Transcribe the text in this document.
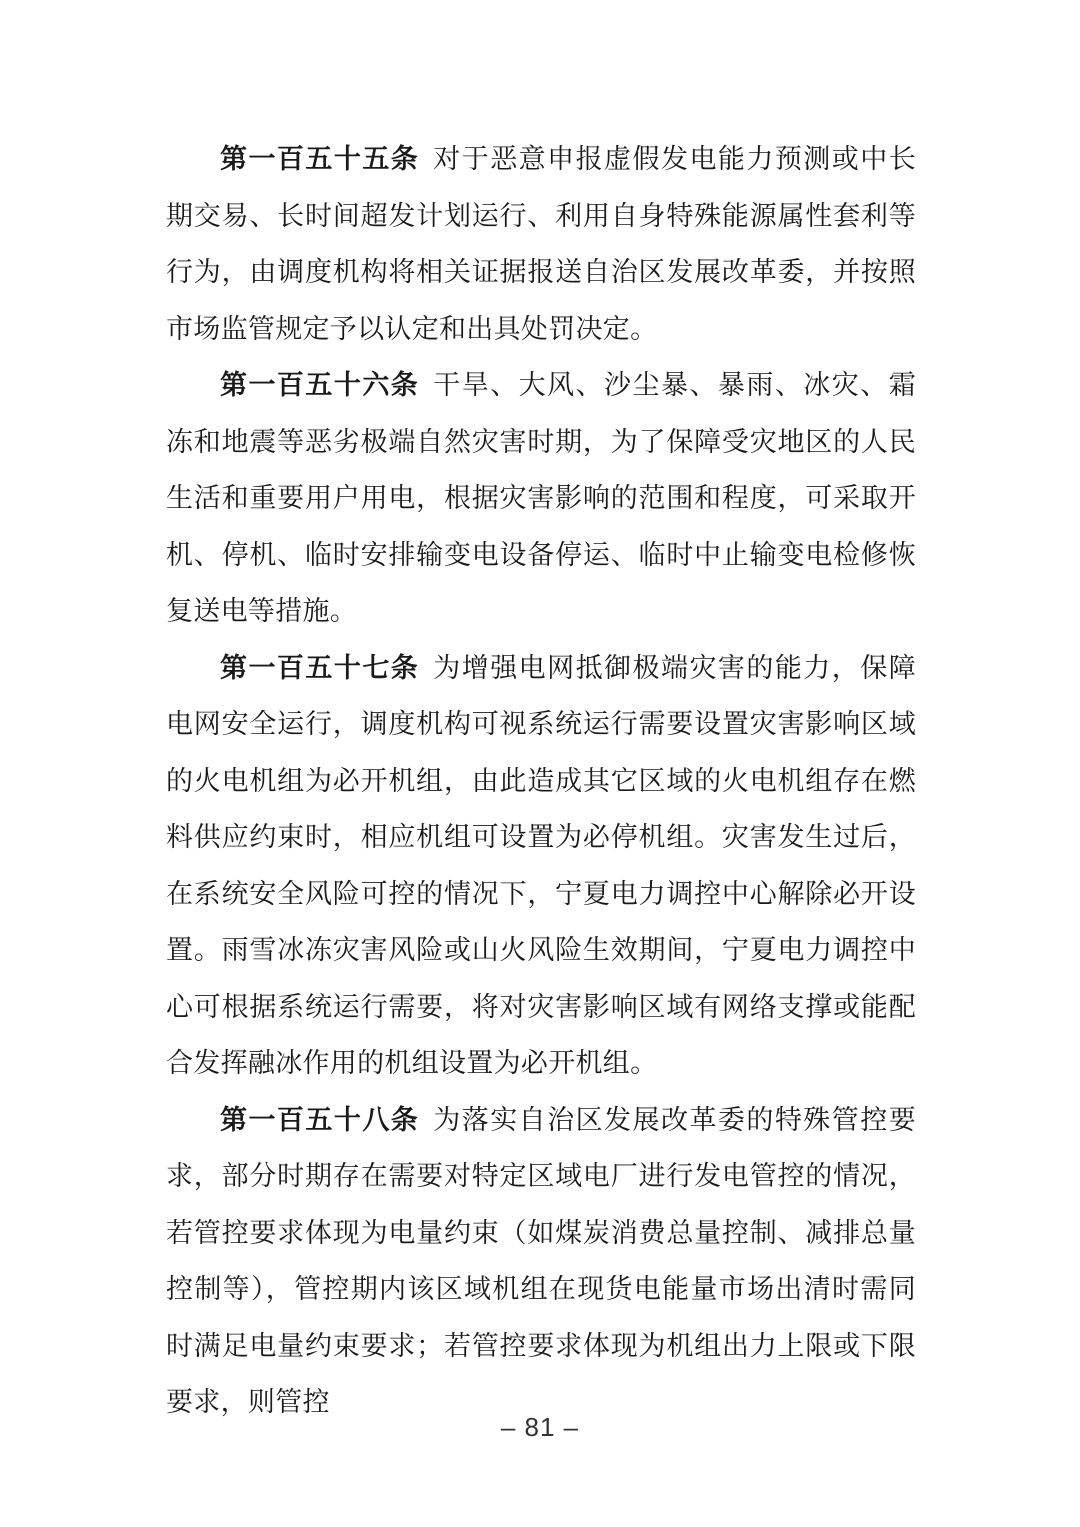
第一百五十五条 对于恶意申报虚假发电能力预测或中长期交易、长时间超发计划运行、利用自身特殊能源属性套利等行为，由调度机构将相关证据报送自治区发展改革委，并按照市场监管规定予以认定和出具处罚决定。

第一百五十六条 干旱、大风、沙尘暴、暴雨、冰灾、霜冻和地震等恶劣极端自然灾害时期，为了保障受灾地区的人民生活和重要用户用电，根据灾害影响的范围和程度，可采取开机、停机、临时安排输变电设备停运、临时中止输变电检修恢复送电等措施。

第一百五十七条 为增强电网抵御极端灾害的能力，保障电网安全运行，调度机构可视系统运行需要设置灾害影响区域的火电机组为必开机组，由此造成其它区域的火电机组存在燃料供应约束时，相应机组可设置为必停机组。灾害发生过后，在系统安全风险可控的情况下，宁夏电力调控中心解除必开设置。雨雪冰冻灾害风险或山火风险生效期间，宁夏电力调控中心可根据系统运行需要，将对灾害影响区域有网络支撑或能配合发挥融冰作用的机组设置为必开机组。

第一百五十八条 为落实自治区发展改革委的特殊管控要求，部分时期存在需要对特定区域电厂进行发电管控的情况，若管控要求体现为电量约束（如煤炭消费总量控制、减排总量控制等），管控期内该区域机组在现货电能量市场出清时需同时满足电量约束要求；若管控要求体现为机组出力上限或下限要求，则管控

– 81 –
